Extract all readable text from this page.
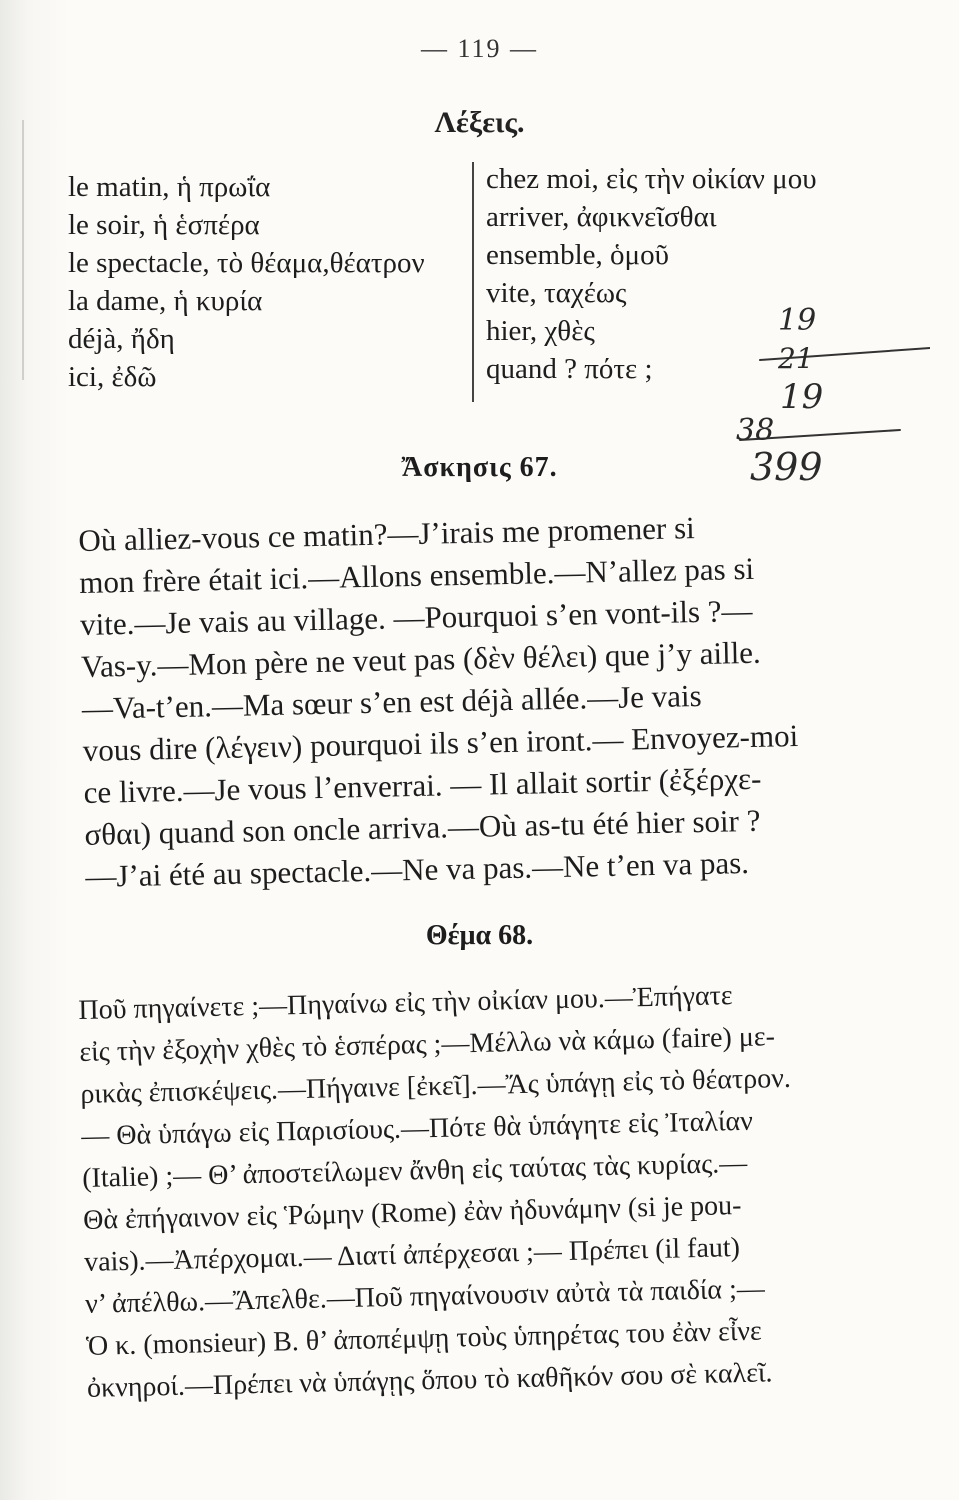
— 119 —
Λέξεις.
le matin, ἡ πρωΐα
le soir, ἡ ἑσπέρα
le spectacle, τὸ θέαμα,θέατρον
la dame, ἡ κυρία
déjà, ἤδη
ici, ἐδῶ
chez moi, εἰς τὴν οἰκίαν μου
arriver, ἀφικνεῖσθαι
ensemble, ὁμοῦ
vite, ταχέως
hier, χθὲς
quand ? πότε ;
19
21
19
38
399
Ἄσκησις 67.
Où alliez-vous ce matin?—J’irais me promener si
mon frère était ici.—Allons ensemble.—N’allez pas si
vite.—Je vais au village. —Pourquoi s’en vont-ils ?—
Vas-y.—Mon père ne veut pas (δὲν θέλει) que j’y aille.
—Va-t’en.—Ma sœur s’en est déjà allée.—Je vais
vous dire (λέγειν) pourquoi ils s’en iront.— Envoyez-moi
ce livre.—Je vous l’enverrai. — Il allait sortir (ἐξέρχε-
σθαι) quand son oncle arriva.—Où as-tu été hier soir ?
—J’ai été au spectacle.—Ne va pas.—Ne t’en va pas.
Θέμα 68.
Ποῦ πηγαίνετε ;—Πηγαίνω εἰς τὴν οἰκίαν μου.—Ἐπήγατε
εἰς τὴν ἐξοχὴν χθὲς τὸ ἑσπέρας ;—Μέλλω νὰ κάμω (faire) με-
ρικὰς ἐπισκέψεις.—Πήγαινε [ἐκεῖ].—Ἄς ὑπάγῃ εἰς τὸ θέατρον.
— Θὰ ὑπάγω εἰς Παρισίους.—Πότε θὰ ὑπάγητε εἰς Ἰταλίαν
(Italie) ;— Θ’ ἀποστείλωμεν ἄνθη εἰς ταύτας τὰς κυρίας.—
Θὰ ἐπήγαινον εἰς Ῥώμην (Rome) ἐὰν ἠδυνάμην (si je pou-
vais).—Ἀπέρχομαι.— Διατί ἀπέρχεσαι ;— Πρέπει (il faut)
ν’ ἀπέλθω.—Ἄπελθε.—Ποῦ πηγαίνουσιν αὐτὰ τὰ παιδία ;—
Ὁ κ. (monsieur) Β. θ’ ἀποπέμψῃ τοὺς ὑπηρέτας του ἐὰν εἶνε
ὀκνηροί.—Πρέπει νὰ ὑπάγῃς ὅπου τὸ καθῆκόν σου σὲ καλεῖ.
